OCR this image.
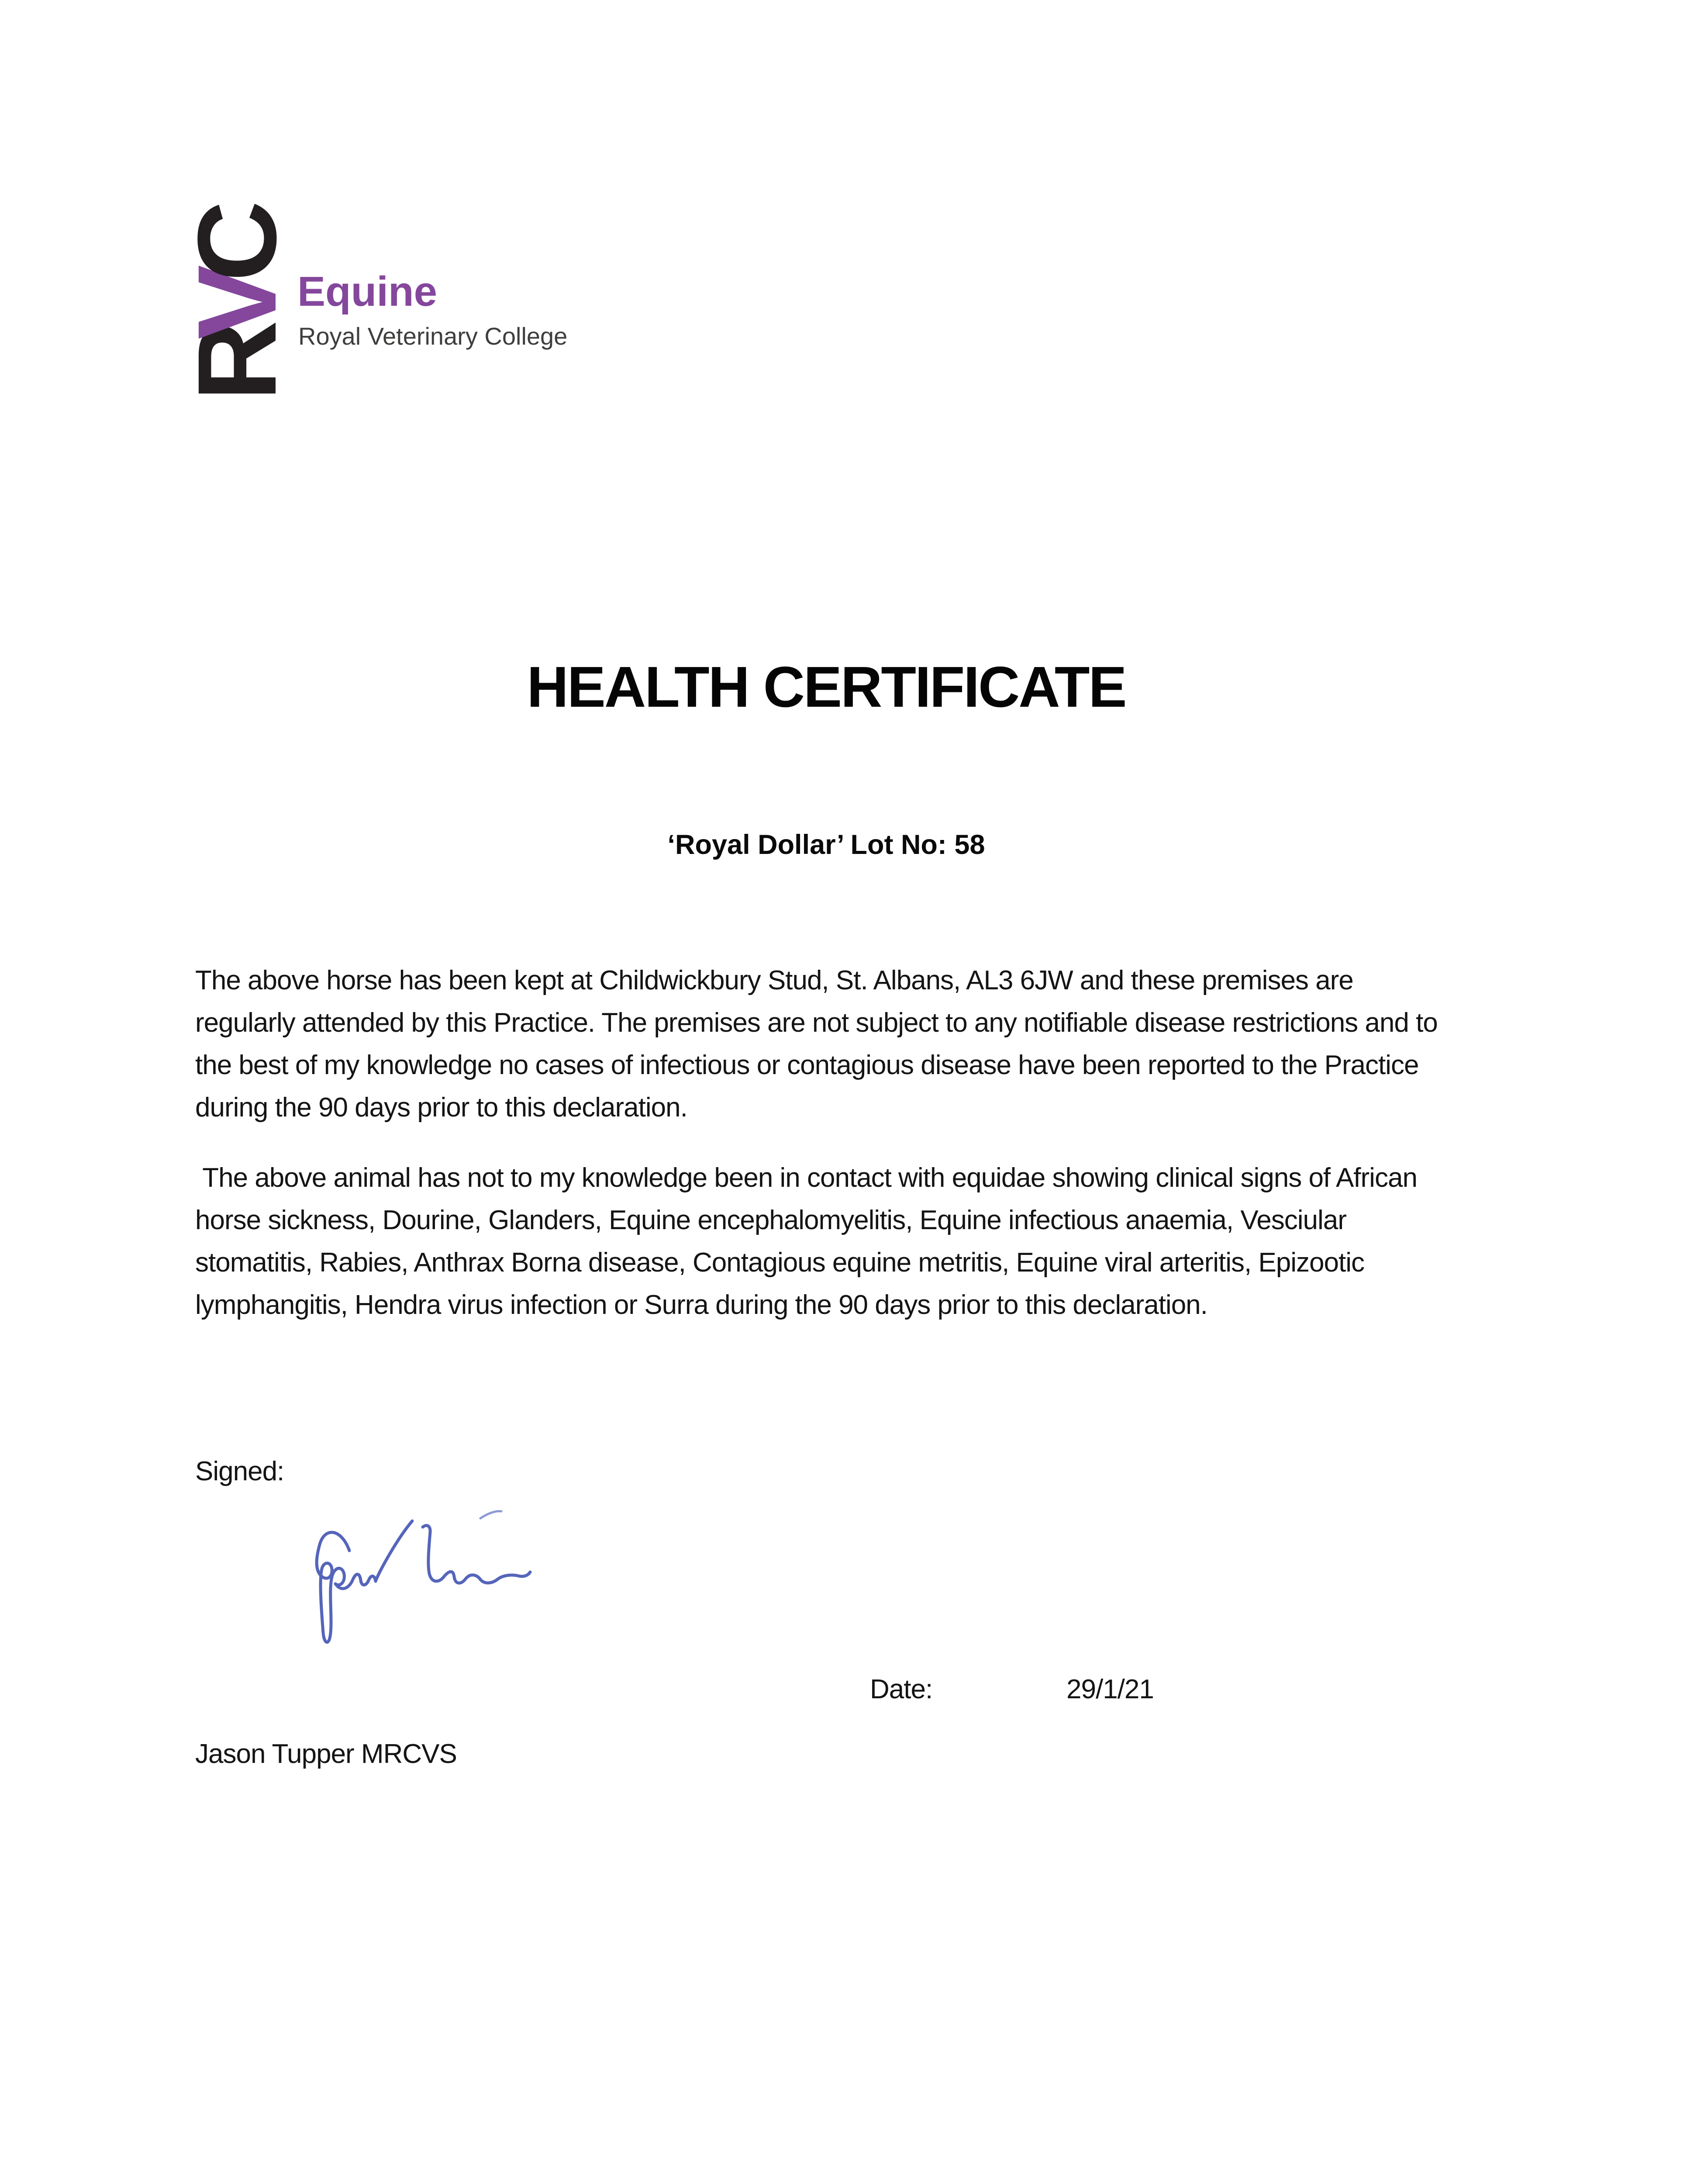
R
V
C
Equine
Royal Veterinary College
HEALTH CERTIFICATE
‘Royal Dollar’ Lot No: 58

The above horse has been kept at Childwickbury Stud, St. Albans, AL3 6JW and these premises are regularly attended by this Practice. The premises are not subject to any notifiable disease restrictions and to the best of my knowledge no cases of infectious or contagious disease have been reported to the Practice during the 90 days prior to this declaration.

The above animal has not to my knowledge been in contact with equidae showing clinical signs of African horse sickness, Dourine, Glanders, Equine encephalomyelitis, Equine infectious anaemia, Vesciular stomatitis, Rabies, Anthrax Borna disease, Contagious equine metritis, Equine viral arteritis, Epizootic lymphangitis, Hendra virus infection or Surra during the 90 days prior to this declaration.

Signed:
Date:	29/1/21
Jason Tupper MRCVS
